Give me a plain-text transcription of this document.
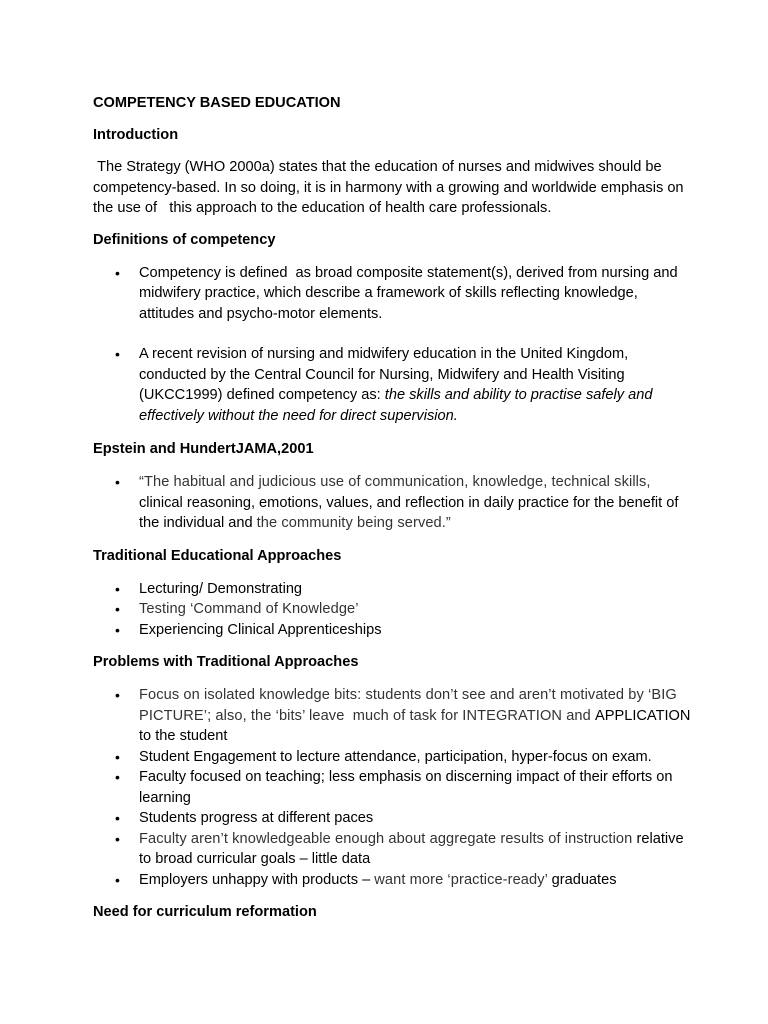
COMPETENCY BASED EDUCATION
Introduction

The Strategy (WHO 2000a) states that the education of nurses and midwives should be competency-based. In so doing, it is in harmony with a growing and worldwide emphasis on the use of   this approach to the education of health care professionals.

Definitions of competency
• Competency is defined  as broad composite statement(s), derived from nursing and midwifery practice, which describe a framework of skills reflecting knowledge, attitudes and psycho-motor elements.
• A recent revision of nursing and midwifery education in the United Kingdom, conducted by the Central Council for Nursing, Midwifery and Health Visiting (UKCC1999) defined competency as: the skills and ability to practise safely and effectively without the need for direct supervision.
Epstein and HundertJAMA,2001
• “The habitual and judicious use of communication, knowledge, technical skills, clinical reasoning, emotions, values, and reflection in daily practice for the benefit of the individual and the community being served.”
Traditional Educational Approaches
• Lecturing/ Demonstrating
• Testing ‘Command of Knowledge’
• Experiencing Clinical Apprenticeships
Problems with Traditional Approaches
• Focus on isolated knowledge bits: students don’t see and aren’t motivated by ‘BIG PICTURE’; also, the ‘bits’ leave  much of task for INTEGRATION and APPLICATION to the student
• Student Engagement to lecture attendance, participation, hyper-focus on exam.
• Faculty focused on teaching; less emphasis on discerning impact of their efforts on learning
• Students progress at different paces
• Faculty aren’t knowledgeable enough about aggregate results of instruction relative to broad curricular goals – little data
• Employers unhappy with products – want more ‘practice-ready’ graduates
Need for curriculum reformation
